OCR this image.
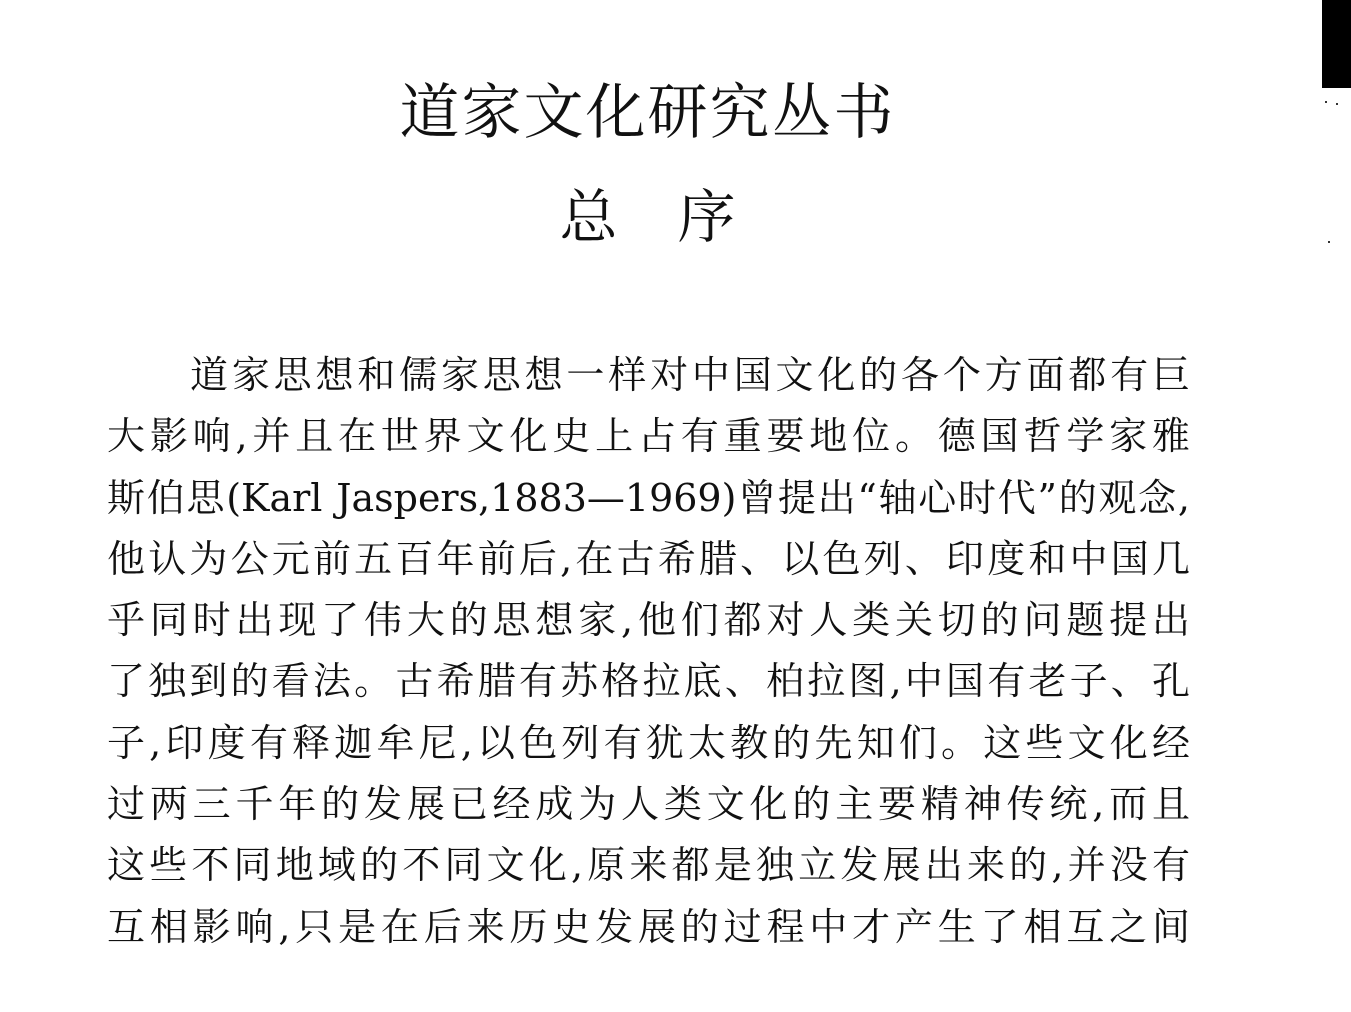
道家文化研究丛书
总序
道家思想和儒家思想一样对中国文化的各个方面都有巨
大影响,并且在世界文化史上占有重要地位。德国哲学家雅
斯伯思(Karl Jaspers,1883—1969)曾提出“轴心时代”的观念,
他认为公元前五百年前后,在古希腊、以色列、印度和中国几
乎同时出现了伟大的思想家,他们都对人类关切的问题提出
了独到的看法。古希腊有苏格拉底、柏拉图,中国有老子、孔
子,印度有释迦牟尼,以色列有犹太教的先知们。这些文化经
过两三千年的发展已经成为人类文化的主要精神传统,而且
这些不同地域的不同文化,原来都是独立发展出来的,并没有
互相影响,只是在后来历史发展的过程中才产生了相互之间
